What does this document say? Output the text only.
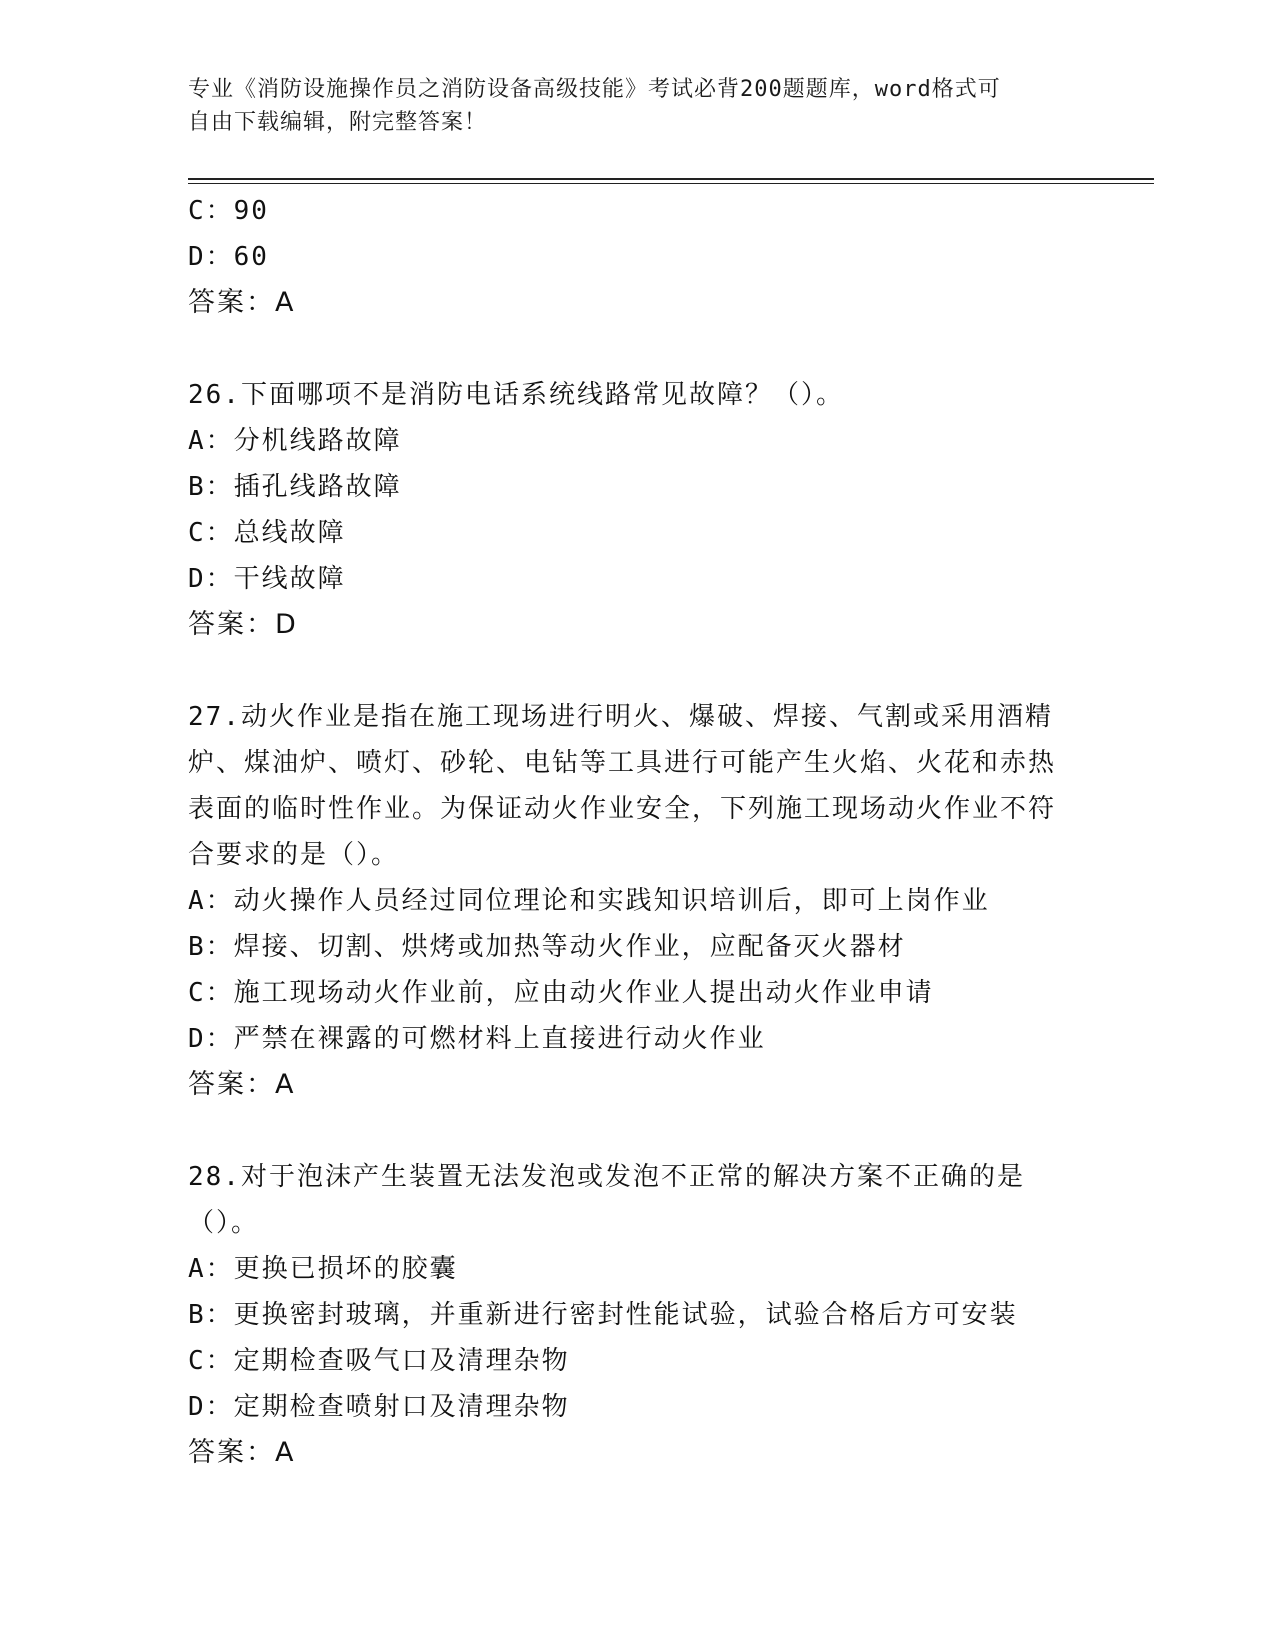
专业《消防设施操作员之消防设备高级技能》考试必背200题题库，word格式可
自由下载编辑，附完整答案！
C：90
D：60
答案：A
26.下面哪项不是消防电话系统线路常见故障？（）。
A：分机线路故障
B：插孔线路故障
C：总线故障
D：干线故障
答案：D
27.动火作业是指在施工现场进行明火、爆破、焊接、气割或采用酒精炉、煤油炉、喷灯、砂轮、电钻等工具进行可能产生火焰、火花和赤热表面的临时性作业。为保证动火作业安全，下列施工现场动火作业不符合要求的是（）。
A：动火操作人员经过同位理论和实践知识培训后，即可上岗作业
B：焊接、切割、烘烤或加热等动火作业，应配备灭火器材
C：施工现场动火作业前，应由动火作业人提出动火作业申请
D：严禁在裸露的可燃材料上直接进行动火作业
答案：A
28.对于泡沫产生装置无法发泡或发泡不正常的解决方案不正确的是（）。
A：更换已损坏的胶囊
B：更换密封玻璃，并重新进行密封性能试验，试验合格后方可安装
C：定期检查吸气口及清理杂物
D：定期检查喷射口及清理杂物
答案：A
